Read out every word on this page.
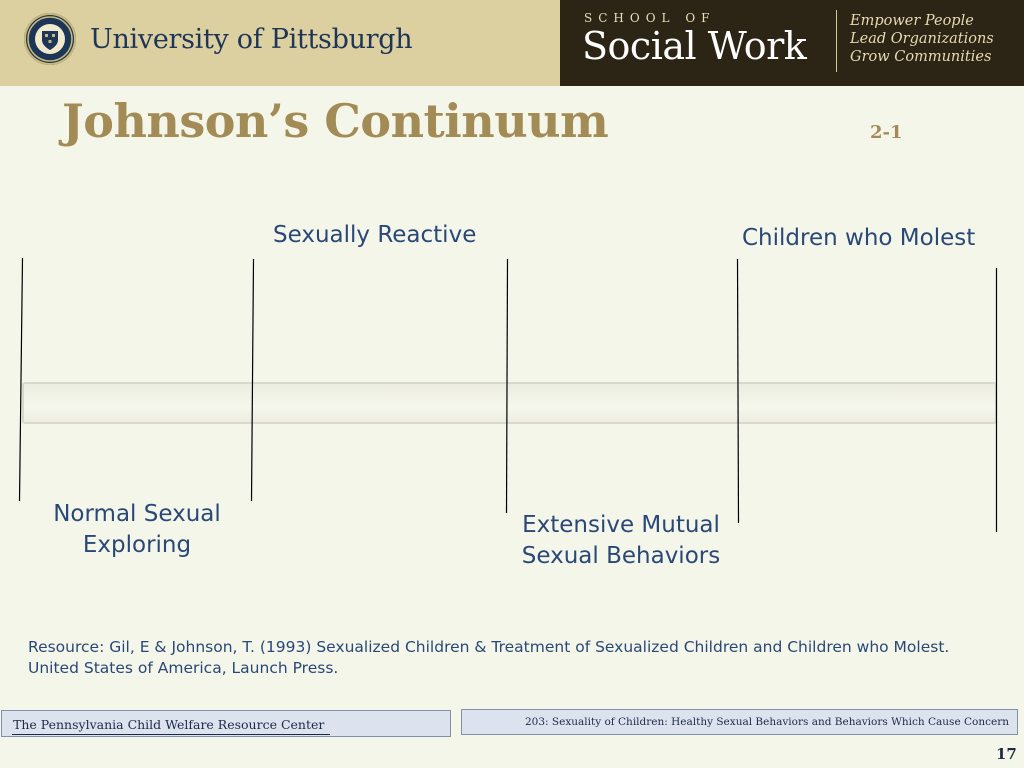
University of Pittsburgh
SCHOOL OF
Social Work
Empower People
Lead Organizations
Grow Communities
Johnson’s Continuum	2-1
Sexually Reactive	Children who Molest
Normal Sexual
Exploring
Extensive Mutual
Sexual Behaviors
Resource: Gil, E & Johnson, T. (1993) Sexualized Children & Treatment of Sexualized Children and Children who Molest. United States of America, Launch Press.
The Pennsylvania Child Welfare Resource Center	203: Sexuality of Children: Healthy Sexual Behaviors and Behaviors Which Cause Concern
17
